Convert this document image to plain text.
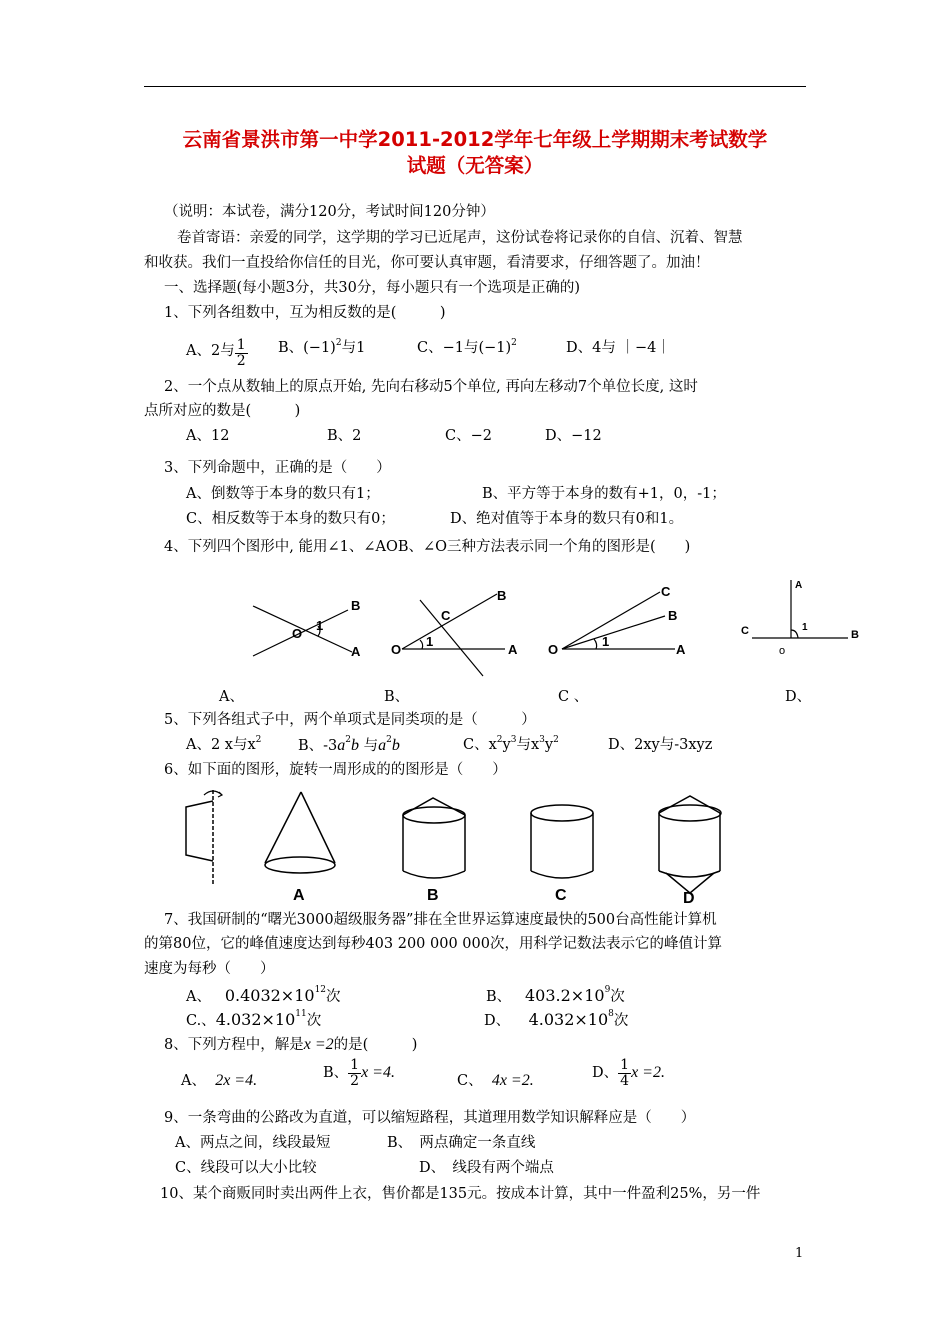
云南省景洪市第一中学2011-2012学年七年级上学期期末考试数学
试题（无答案）
（说明：本试卷，满分120分，考试时间120分钟）
卷首寄语：亲爱的同学，这学期的学习已近尾声，这份试卷将记录你的自信、沉着、智慧
和收获。我们一直投给你信任的目光，你可要认真审题，看清要求，仔细答题了。加油！
一、选择题(每小题3分，共30分，每小题只有一个选项是正确的)
1、下列各组数中，互为相反数的是(　　　)
A、2与 $\frac{1}{2}$ B、$(-1)^2$与1	C、−1与$(-1)^2$	D、4与 ｜−4｜
2、一个点从数轴上的原点开始, 先向右移动5个单位, 再向左移动7个单位长度, 这时
点所对应的数是(　　　)
A、12	B、2	C、−2	D、−12
3、下列命题中，正确的是（　　）
A、倒数等于本身的数只有1；	B、平方等于本身的数有+1，0，-1；
C、相反数等于本身的数只有0；	D、绝对值等于本身的数只有0和1。
4、下列四个图形中, 能用∠1、∠AOB、∠O三种方法表示同一个角的图形是(　　)
B
A
O
1
O	A
B
C
1
O	A
C
B
1
A
C	B
1
o
A、	B、	C 、	D、
5、下列各组式子中，两个单项式是同类项的是（　　　）
A、2 x与$x^2$	B、$-3a^2b$ 与$a^2b$	C、$x^2y^3$与$x^3y^2$	D、2xy与-3xyz
6、如下面的图形，旋转一周形成的的图形是（　　）
A	B	C	D
7、我国研制的“曙光3000超级服务器”排在全世界运算速度最快的500台高性能计算机
的第80位，它的峰值速度达到每秒403 200 000 000次，用科学记数法表示它的峰值计算
速度为每秒（　　）
A、 $0.4032\times 10^{12}$次	B、 $403.2\times 10^9$次
C.、$4.032\times 10^{11}$次	D、 $4.032\times 10^8$次
8、下列方程中，解是x =2的是(　　　)
A、 2x =4.	B、 $\frac{1}{2}$ x =4.	C、 4x =2.	D、 $\frac{1}{4}$ x =2.
9、一条弯曲的公路改为直道，可以缩短路程，其道理用数学知识解释应是（　　）
A、两点之间，线段最短	B、　两点确定一条直线
C、线段可以大小比较	D、　线段有两个端点
10、某个商贩同时卖出两件上衣，售价都是135元。按成本计算，其中一件盈利25%，另一件
1
